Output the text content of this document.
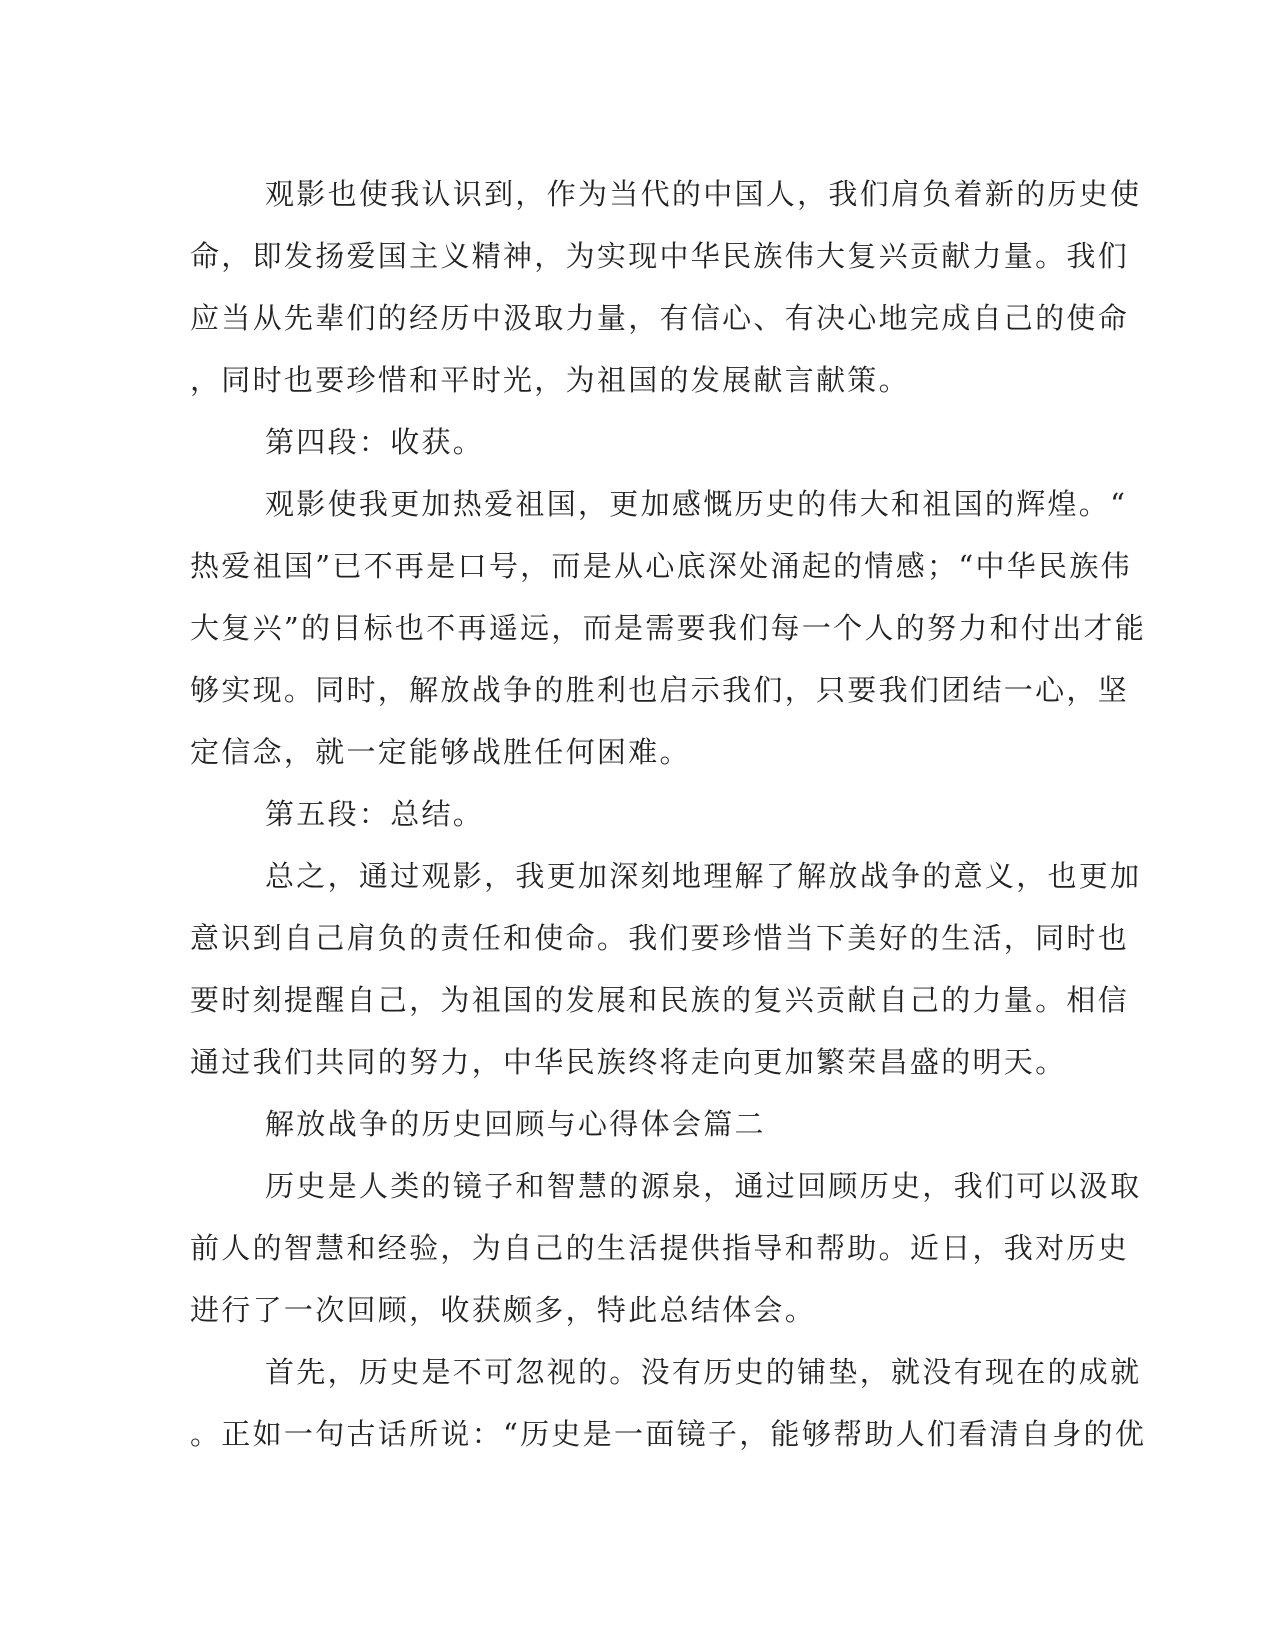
观影也使我认识到，作为当代的中国人，我们肩负着新的历史使
命，即发扬爱国主义精神，为实现中华民族伟大复兴贡献力量。我们
应当从先辈们的经历中汲取力量，有信心、有决心地完成自己的使命
，同时也要珍惜和平时光，为祖国的发展献言献策。
第四段：收获。
观影使我更加热爱祖国，更加感慨历史的伟大和祖国的辉煌。“
热爱祖国”已不再是口号，而是从心底深处涌起的情感；“中华民族伟
大复兴”的目标也不再遥远，而是需要我们每一个人的努力和付出才能
够实现。同时，解放战争的胜利也启示我们，只要我们团结一心，坚
定信念，就一定能够战胜任何困难。
第五段：总结。
总之，通过观影，我更加深刻地理解了解放战争的意义，也更加
意识到自己肩负的责任和使命。我们要珍惜当下美好的生活，同时也
要时刻提醒自己，为祖国的发展和民族的复兴贡献自己的力量。相信
通过我们共同的努力，中华民族终将走向更加繁荣昌盛的明天。
解放战争的历史回顾与心得体会篇二
历史是人类的镜子和智慧的源泉，通过回顾历史，我们可以汲取
前人的智慧和经验，为自己的生活提供指导和帮助。近日，我对历史
进行了一次回顾，收获颇多，特此总结体会。
首先，历史是不可忽视的。没有历史的铺垫，就没有现在的成就
。正如一句古话所说：“历史是一面镜子，能够帮助人们看清自身的优
